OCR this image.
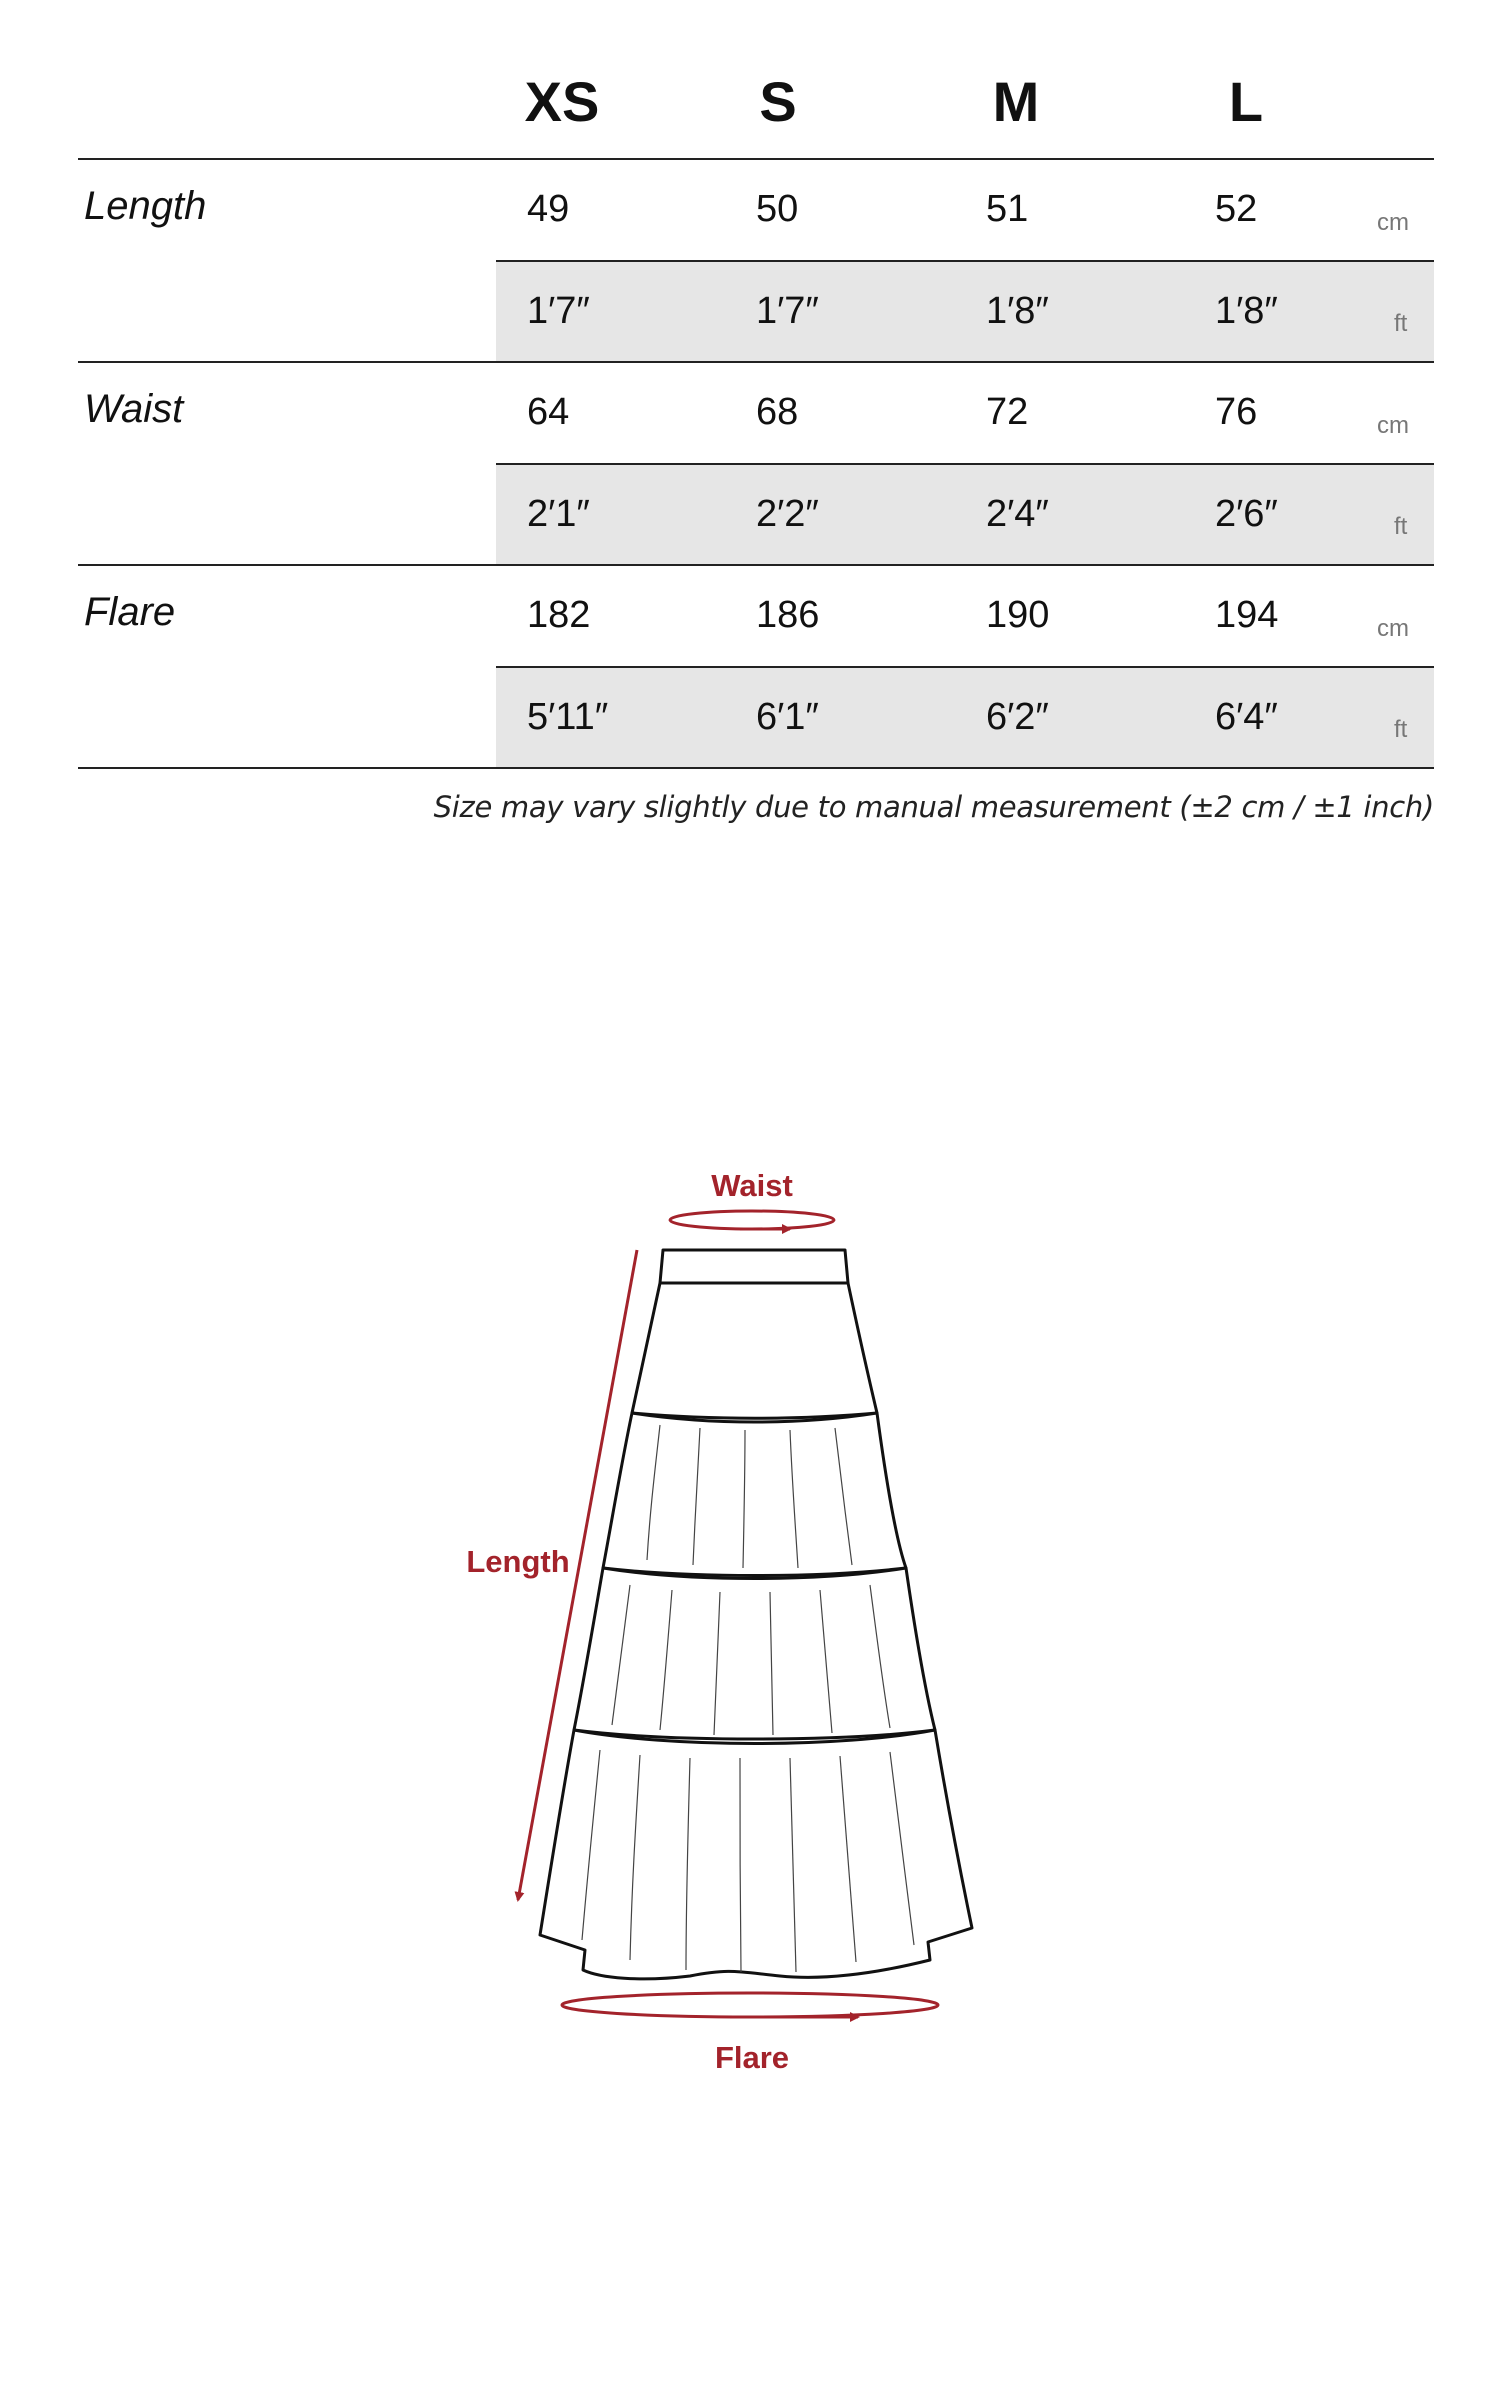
XS	S	M	L
Length	49	50	51	52	cm
1′7″	1′7″	1′8″	1′8″	ft
Waist	64	68	72	76	cm
2′1″	2′2″	2′4″	2′6″	ft
Flare	182	186	190	194	cm
5′11″	6′1″	6′2″	6′4″	ft
Size may vary slightly due to manual measurement (±2 cm / ±1 inch)
Waist
Length
Flare
